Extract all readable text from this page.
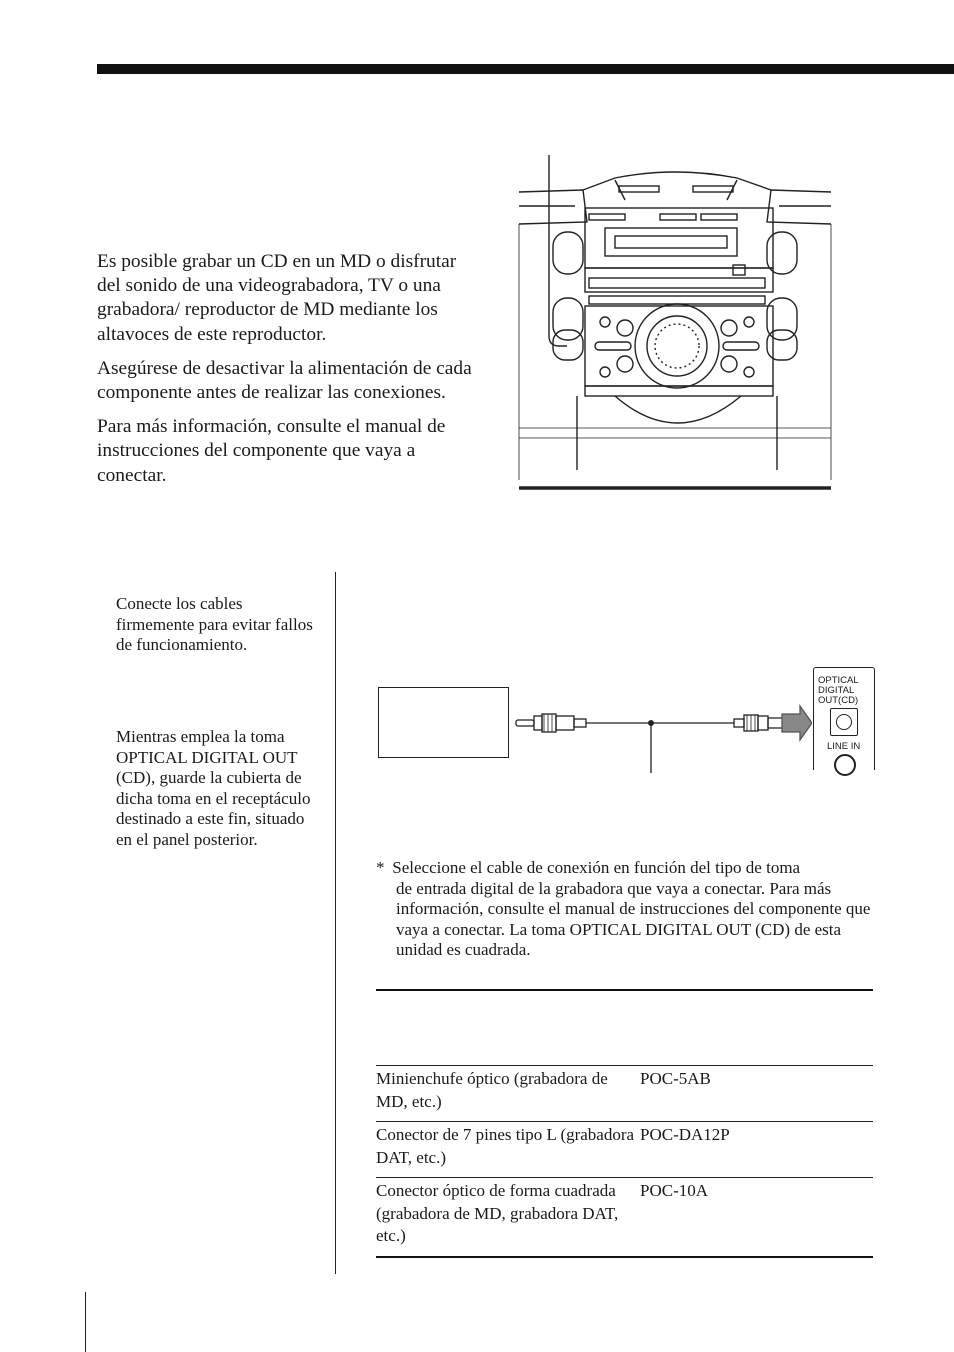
Es posible grabar un CD en un MD o disfrutar del sonido de una videograbadora, TV o una grabadora/ reproductor de MD mediante los altavoces de este reproductor.

Asegúrese de desactivar la alimentación de cada componente antes de realizar las conexiones.

Para más información, consulte el manual de instrucciones del componente que vaya a conectar.

Conecte los cables firmemente para evitar fallos de funcionamiento.

Mientras emplea la toma OPTICAL DIGITAL OUT (CD), guarde la cubierta de dicha toma en el receptáculo destinado a este fin, situado en el panel posterior.

OPTICAL
DIGITAL
OUT(CD)
LINE IN
* Seleccione el cable de conexión en función del tipo de toma
de entrada digital de la grabadora que vaya a conectar. Para más información, consulte el manual de instrucciones del componente que vaya a conectar. La toma OPTICAL DIGITAL OUT (CD) de esta unidad es cuadrada.
Minienchufe óptico (grabadora de MD, etc.)	POC-5AB
Conector de 7 pines tipo L (grabadora DAT, etc.)	POC-DA12P
Conector óptico de forma cuadrada (grabadora de MD, grabadora DAT, etc.)	POC-10A
